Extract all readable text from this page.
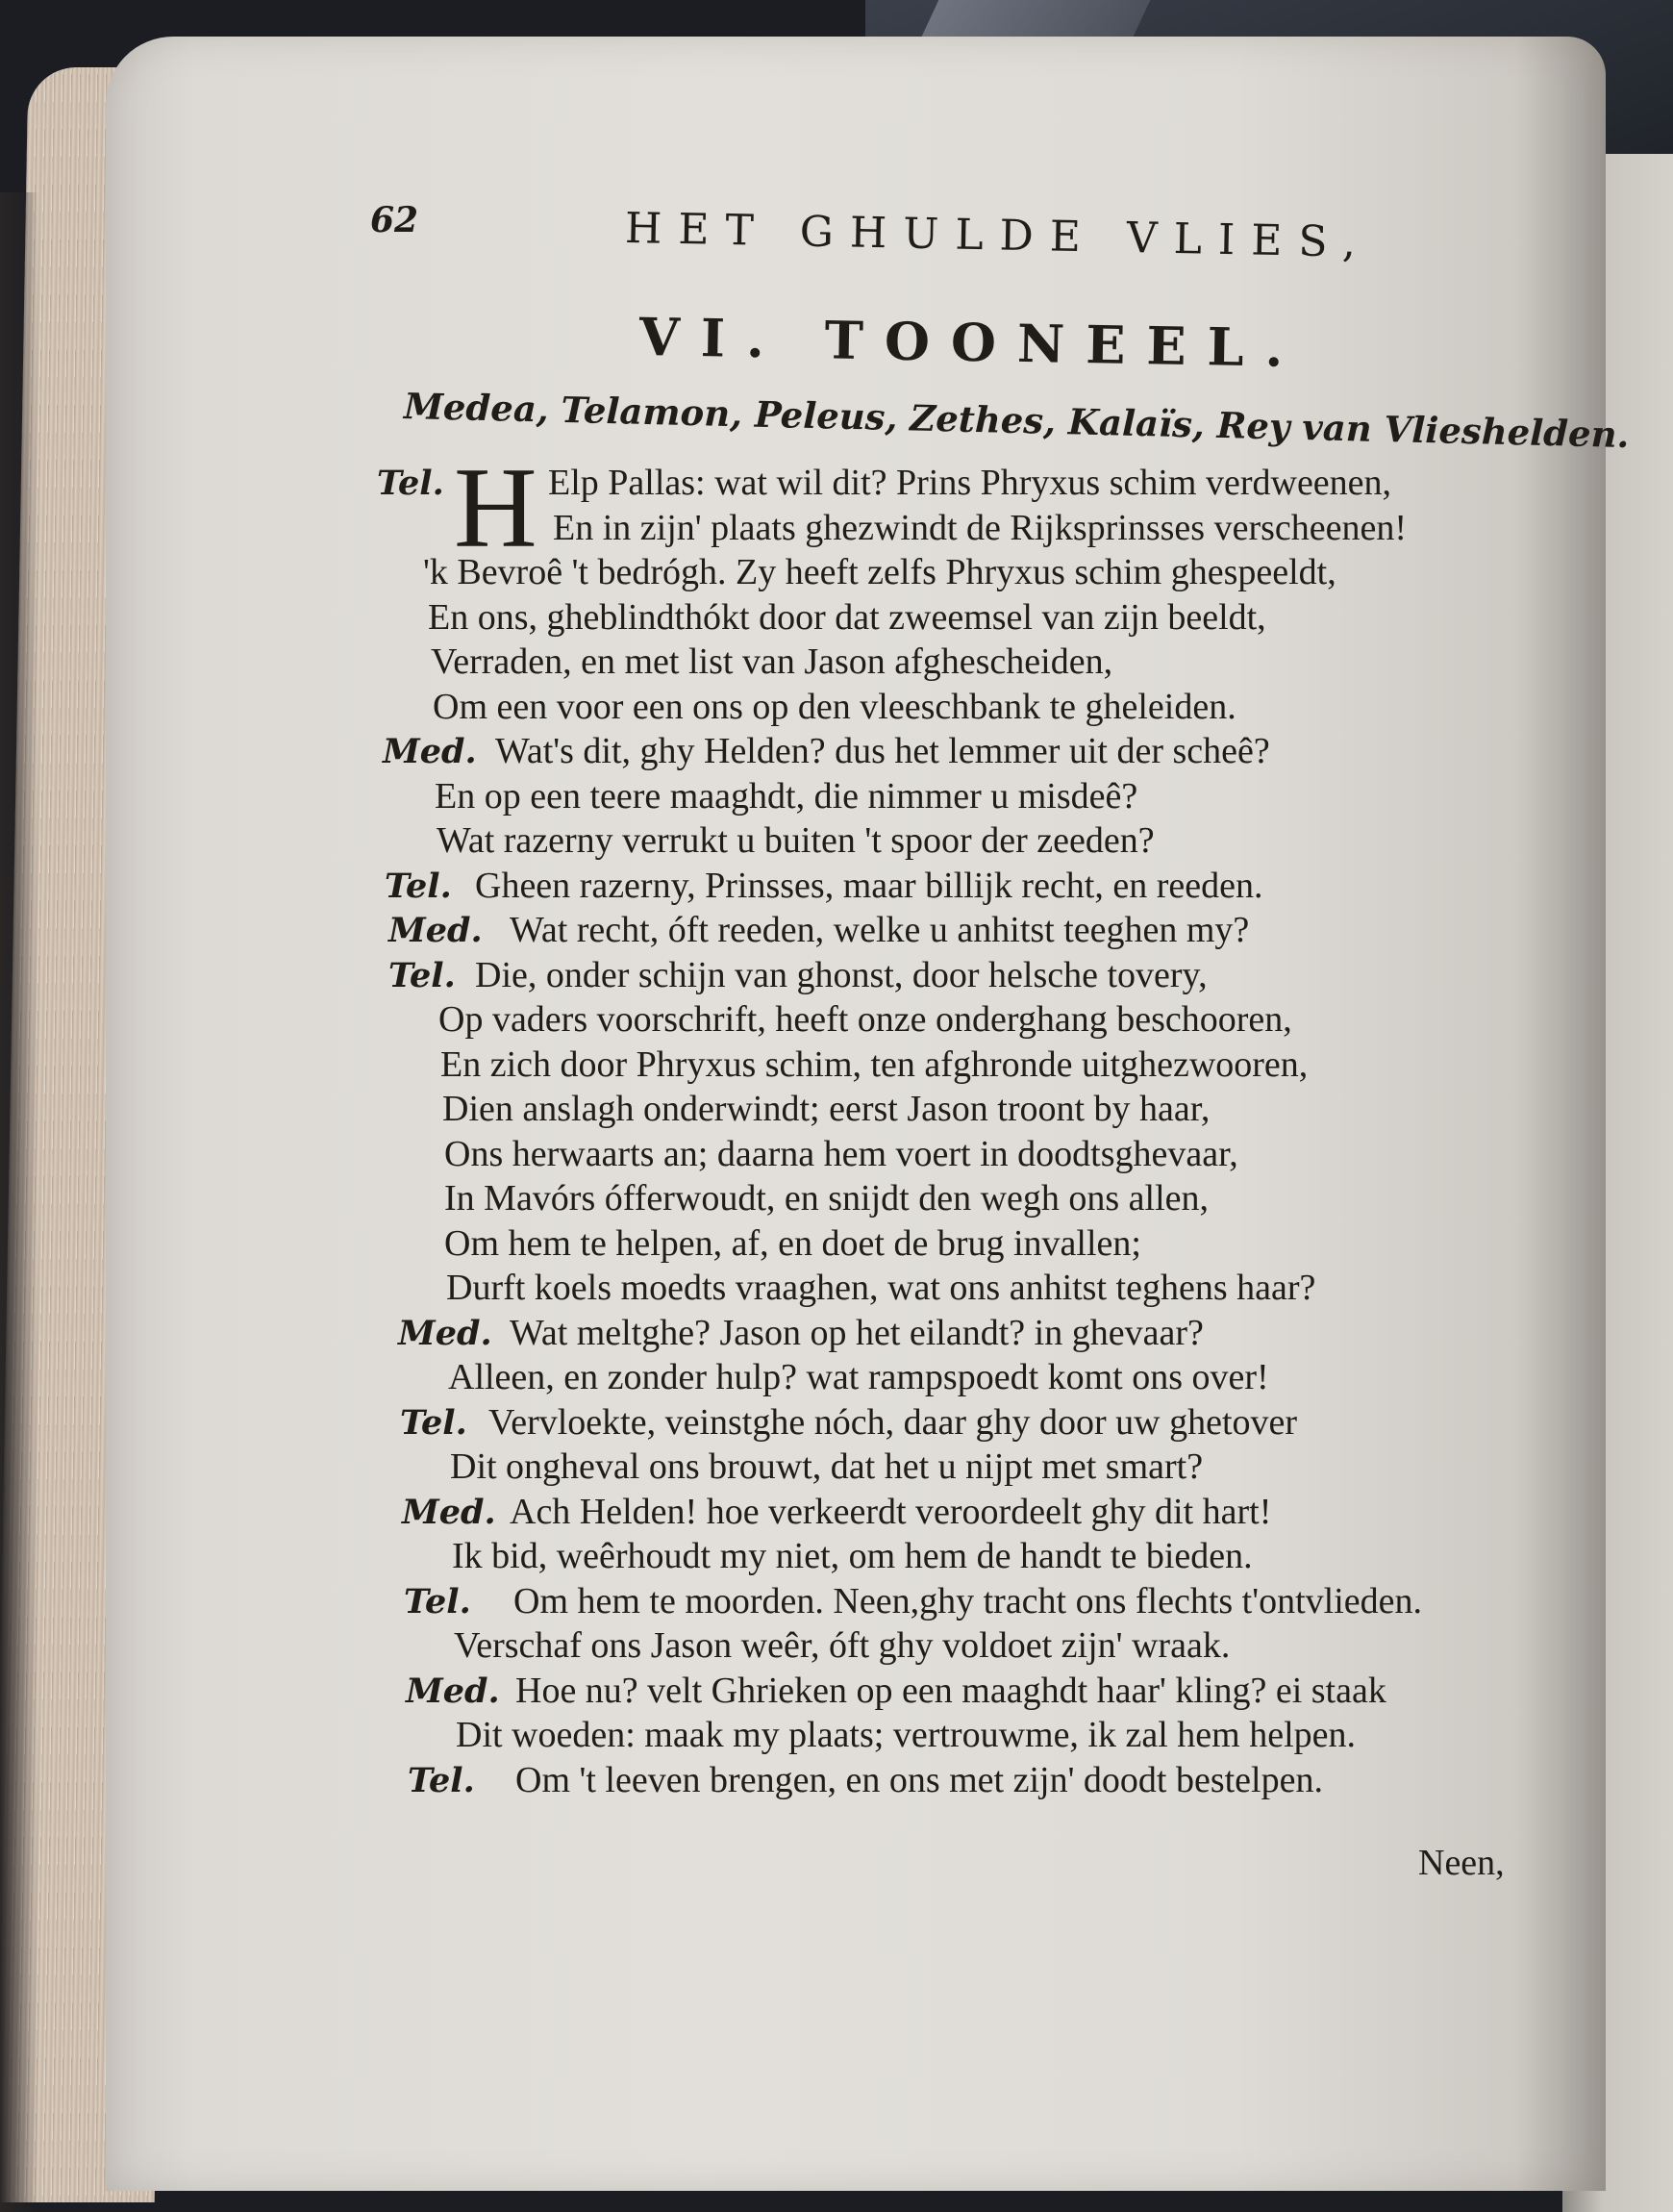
62	HET GHULDE VLIES,
VI. TOONEEL.
Medea, Telamon, Peleus, Zethes, Kalaïs, Rey van Vlieshelden.
H
Tel.	Elp Pallas: wat wil dit? Prins Phryxus schim verdweenen,
En in zijn' plaats ghezwindt de Rijksprinsses verscheenen!
'k Bevroê 't bedrógh. Zy heeft zelfs Phryxus schim ghespeeldt,
En ons, gheblindthókt door dat zweemsel van zijn beeldt,
Verraden, en met list van Jason afghescheiden,
Om een voor een ons op den vleeschbank te gheleiden.
Med. Wat's dit, ghy Helden? dus het lemmer uit der scheê?
En op een teere maaghdt, die nimmer u misdeê?
Wat razerny verrukt u buiten 't spoor der zeeden?
Tel. Gheen razerny, Prinsses, maar billijk recht, en reeden.
Med. Wat recht, óft reeden, welke u anhitst teeghen my?
Tel. Die, onder schijn van ghonst, door helsche tovery,
Op vaders voorschrift, heeft onze onderghang beschooren,
En zich door Phryxus schim, ten afghronde uitghezwooren,
Dien anslagh onderwindt; eerst Jason troont by haar,
Ons herwaarts an; daarna hem voert in doodtsghevaar,
In Mavórs ófferwoudt, en snijdt den wegh ons allen,
Om hem te helpen, af, en doet de brug invallen;
Durft koels moedts vraaghen, wat ons anhitst teghens haar?
Med. Wat meltghe? Jason op het eilandt? in ghevaar?
Alleen, en zonder hulp? wat rampspoedt komt ons over!
Tel. Vervloekte, veinstghe nóch, daar ghy door uw ghetover
Dit ongheval ons brouwt, dat het u nijpt met smart?
Med. Ach Helden! hoe verkeerdt veroordeelt ghy dit hart!
Ik bid, weêrhoudt my niet, om hem de handt te bieden.
Tel. Om hem te moorden. Neen,ghy tracht ons flechts t'ontvlieden.
Verschaf ons Jason weêr, óft ghy voldoet zijn' wraak.
Med. Hoe nu? velt Ghrieken op een maaghdt haar' kling? ei staak
Dit woeden: maak my plaats; vertrouwme, ik zal hem helpen.
Tel. Om 't leeven brengen, en ons met zijn' doodt bestelpen.
Neen,
